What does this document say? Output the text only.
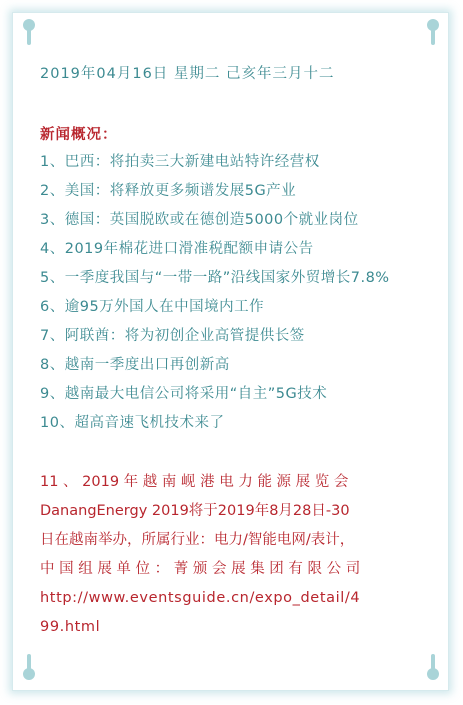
2019年04月16日 星期二 己亥年三月十二
新闻概况：
1、巴西：将拍卖三大新建电站特许经营权
2、美国：将释放更多频谱发展5G产业
3、德国：英国脱欧或在德创造5000个就业岗位
4、2019年棉花进口滑准税配额申请公告
5、一季度我国与“一带一路”沿线国家外贸增长7.8%
6、逾95万外国人在中国境内工作
7、阿联酋：将为初创企业高管提供长签
8、越南一季度出口再创新高
9、越南最大电信公司将采用“自主”5G技术
10、超高音速飞机技术来了
11 、 2019 年 越 南 岘 港 电 力 能 源 展 览 会
DanangEnergy 2019将于2019年8月28日-30
日在越南举办，所属行业：电力/智能电网/表计，
中 国 组 展 单 位 ： 菁 颁 会 展 集 团 有 限 公 司
http://www.eventsguide.cn/expo_detail/4
99.html
